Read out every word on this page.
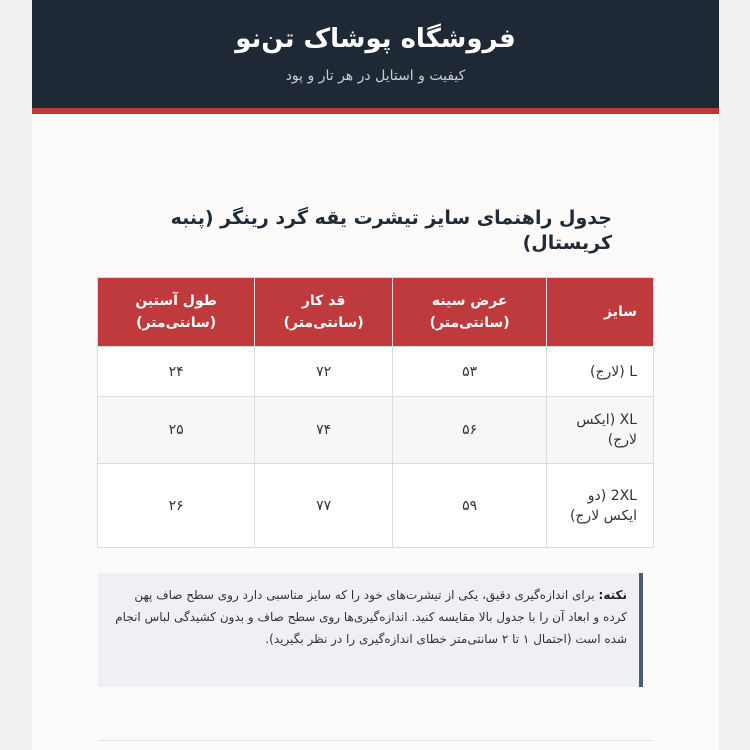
فروشگاه پوشاک تن‌نو
کیفیت و استایل در هر تار و پود
جدول راهنمای سایز تیشرت یقه گرد رینگر (پنبه کریستال)
سایز	عرض سینه (سانتی‌متر)	قد کار (سانتی‌متر)	طول آستین (سانتی‌متر)
L (لارج)	۵۳	۷۲	۲۴
XL (ایکس لارج)	۵۶	۷۴	۲۵
2XL (دو ایکس لارج)	۵۹	۷۷	۲۶
نکته: برای اندازه‌گیری دقیق، یکی از تیشرت‌های خود را که سایز مناسبی دارد روی سطح صاف پهن کرده و ابعاد آن را با جدول بالا مقایسه کنید. اندازه‌گیری‌ها روی سطح صاف و بدون کشیدگی لباس انجام شده است (احتمال ۱ تا ۲ سانتی‌متر خطای اندازه‌گیری را در نظر بگیرید).
